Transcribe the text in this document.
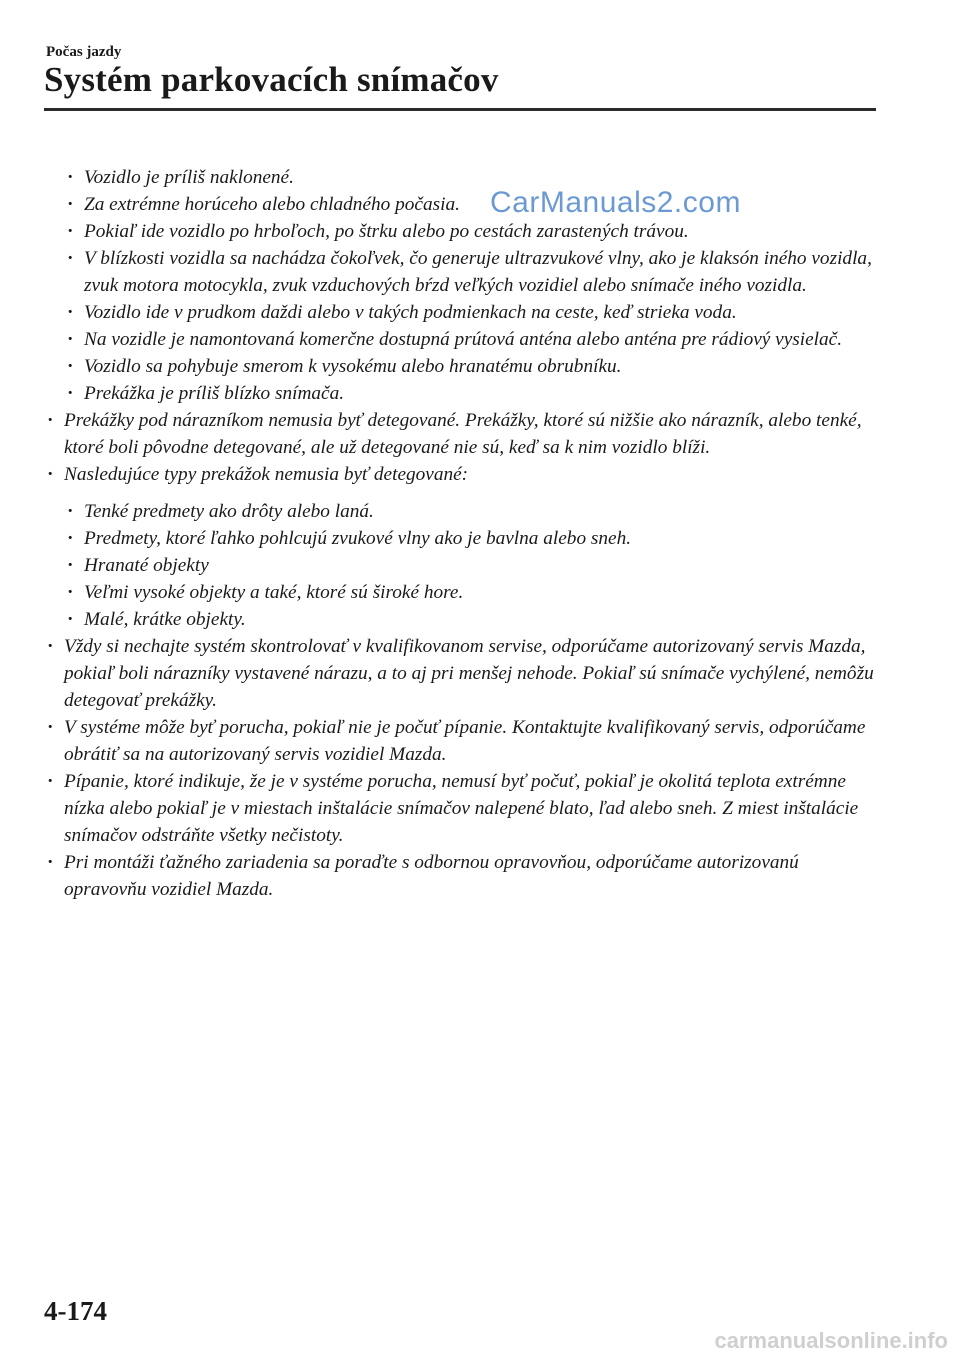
Počas jazdy

Systém parkovacích snímačov

· Vozidlo je príliš naklonené.

· Za extrémne horúceho alebo chladného počasia.

· Pokiaľ ide vozidlo po hrboľoch, po štrku alebo po cestách zarastených trávou.

· V blízkosti vozidla sa nachádza čokoľvek, čo generuje ultrazvukové vlny, ako je klaksón iného vozidla, zvuk motora motocykla, zvuk vzduchových bŕzd veľkých vozidiel alebo snímače iného vozidla.

· Vozidlo ide v prudkom daždi alebo v takých podmienkach na ceste, keď strieka voda.

· Na vozidle je namontovaná komerčne dostupná prútová anténa alebo anténa pre rádiový vysielač.

· Vozidlo sa pohybuje smerom k vysokému alebo hranatému obrubníku.

· Prekážka je príliš blízko snímača.

· Prekážky pod nárazníkom nemusia byť detegované. Prekážky, ktoré sú nižšie ako nárazník, alebo tenké, ktoré boli pôvodne detegované, ale už detegované nie sú, keď sa k nim vozidlo blíži.

· Nasledujúce typy prekážok nemusia byť detegované:

· Tenké predmety ako drôty alebo laná.

· Predmety, ktoré ľahko pohlcujú zvukové vlny ako je bavlna alebo sneh.

· Hranaté objekty

· Veľmi vysoké objekty a také, ktoré sú široké hore.

· Malé, krátke objekty.

· Vždy si nechajte systém skontrolovať v kvalifikovanom servise, odporúčame autorizovaný servis Mazda, pokiaľ boli nárazníky vystavené nárazu, a to aj pri menšej nehode. Pokiaľ sú snímače vychýlené, nemôžu detegovať prekážky.

· V systéme môže byť porucha, pokiaľ nie je počuť pípanie. Kontaktujte kvalifikovaný servis, odporúčame obrátiť sa na autorizovaný servis vozidiel Mazda.

· Pípanie, ktoré indikuje, že je v systéme porucha, nemusí byť počuť, pokiaľ je okolitá teplota extrémne nízka alebo pokiaľ je v miestach inštalácie snímačov nalepené blato, ľad alebo sneh. Z miest inštalácie snímačov odstráňte všetky nečistoty.

· Pri montáži ťažného zariadenia sa poraďte s odbornou opravovňou, odporúčame autorizovanú opravovňu vozidiel Mazda.

CarManuals2.com

4-174

carmanualsonline.info
